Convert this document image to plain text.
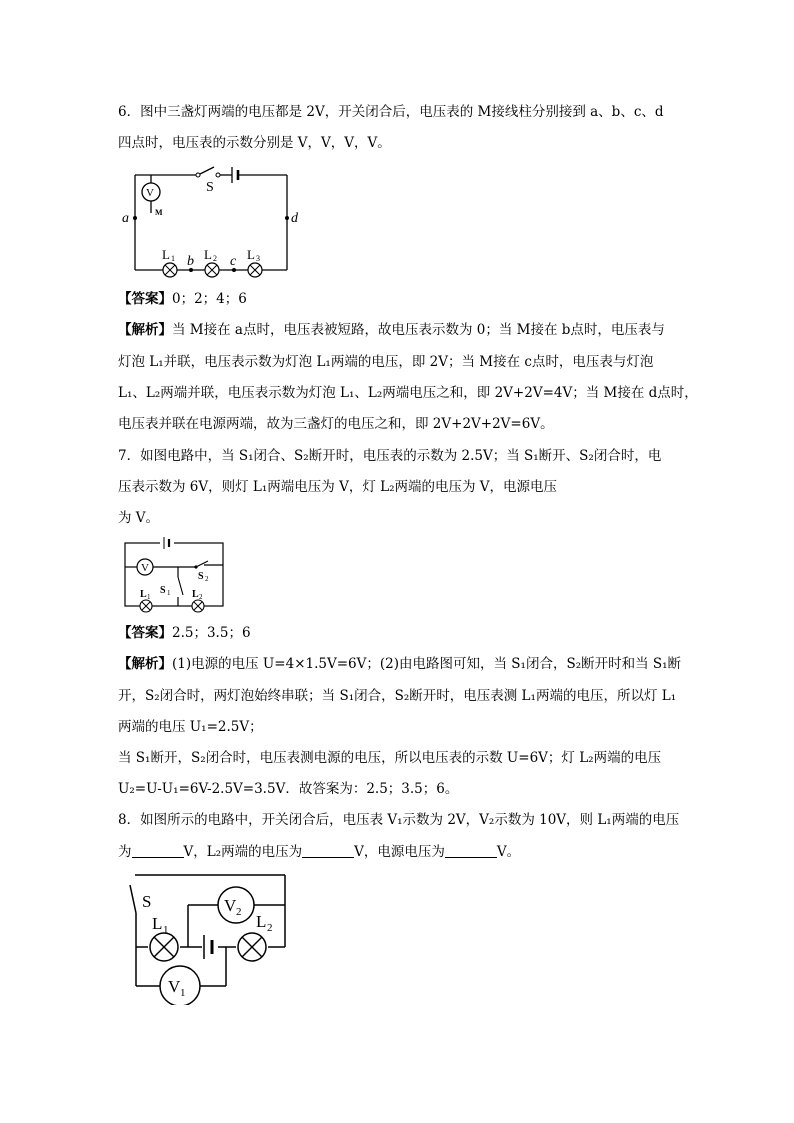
6．图中三盏灯两端的电压都是 2V，开关闭合后，电压表的 M接线柱分别接到 a、b、c、d
四点时，电压表的示数分别是 V，V，V，V。
V
M
S
a	d
b	c
L 1 L 2 L 3
【答案】0；2；4；6
【解析】当 M接在 a点时，电压表被短路，故电压表示数为 0；当 M接在 b点时，电压表与
灯泡 L₁并联，电压表示数为灯泡 L₁两端的电压，即 2V；当 M接在 c点时，电压表与灯泡
L₁、L₂两端并联，电压表示数为灯泡 L₁、L₂两端电压之和，即 2V+2V=4V；当 M接在 d点时，
电压表并联在电源两端，故为三盏灯的电压之和，即 2V+2V+2V=6V。
7．如图电路中，当 S₁闭合、S₂断开时，电压表的示数为 2.5V；当 S₁断开、S₂闭合时，电
压表示数为 6V，则灯 L₁两端电压为 V，灯 L₂两端的电压为 V，电源电压
为 V。
V
S 2
S 1
L 1	L 2
【答案】2.5；3.5；6
【解析】(1)电源的电压 U=4×1.5V=6V；(2)由电路图可知，当 S₁闭合，S₂断开时和当 S₁断
开，S₂闭合时，两灯泡始终串联；当 S₁闭合，S₂断开时，电压表测 L₁两端的电压，所以灯 L₁
两端的电压 U₁=2.5V；
当 S₁断开，S₂闭合时，电压表测电源的电压，所以电压表的示数 U=6V；灯 L₂两端的电压
U₂=U-U₁=6V-2.5V=3.5V．故答案为：2.5；3.5；6。
8．如图所示的电路中，开关闭合后，电压表 V₁示数为 2V，V₂示数为 10V，则 L₁两端的电压
为	V，L₂两端的电压为	V，电源电压为	V。
S
L 1	L 2
V 2
V 1
